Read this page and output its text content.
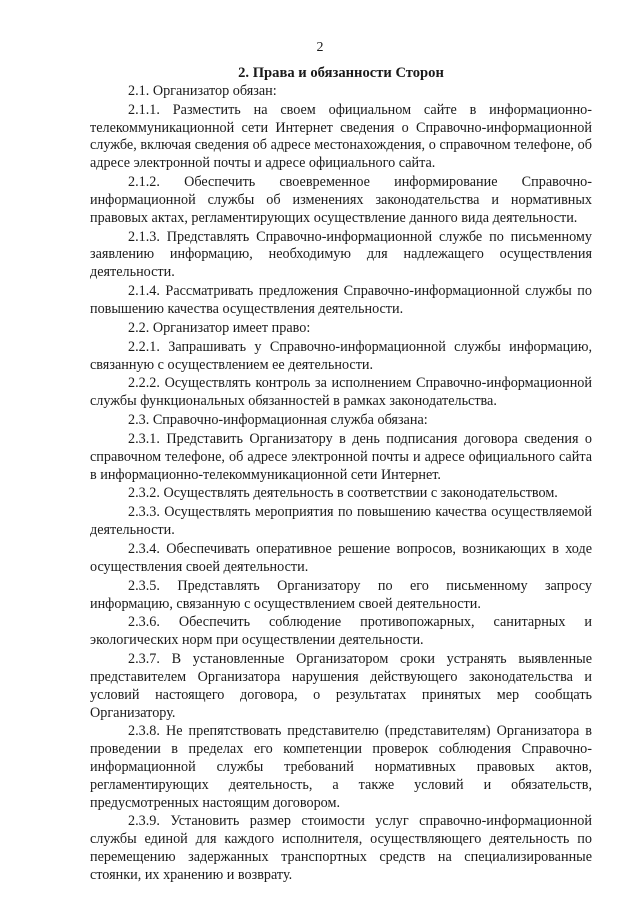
2

2. Права и обязанности Сторон

2.1. Организатор обязан:

2.1.1. Разместить на своем официальном сайте в информационно-телекоммуникационной сети Интернет сведения о Справочно-информационной службе, включая сведения об адресе местонахождения, о справочном телефоне, об адресе электронной почты и адресе официального сайта.

2.1.2. Обеспечить своевременное информирование Справочно-информационной службы об изменениях законодательства и нормативных правовых актах, регламентирующих осуществление данного вида деятельности.

2.1.3. Представлять Справочно-информационной службе по письменному заявлению информацию, необходимую для надлежащего осуществления деятельности.

2.1.4. Рассматривать предложения Справочно-информационной службы по повышению качества осуществления деятельности.

2.2. Организатор имеет право:

2.2.1. Запрашивать у Справочно-информационной службы информацию, связанную с осуществлением ее деятельности.

2.2.2. Осуществлять контроль за исполнением Справочно-информационной службы функциональных обязанностей в рамках законодательства.

2.3. Справочно-информационная служба обязана:

2.3.1. Представить Организатору в день подписания договора сведения о справочном телефоне, об адресе электронной почты и адресе официального сайта в информационно-телекоммуникационной сети Интернет.

2.3.2. Осуществлять деятельность в соответствии с законодательством.

2.3.3. Осуществлять мероприятия по повышению качества осуществляемой деятельности.

2.3.4. Обеспечивать оперативное решение вопросов, возникающих в ходе осуществления своей деятельности.

2.3.5. Представлять Организатору по его письменному запросу информацию, связанную с осуществлением своей деятельности.

2.3.6. Обеспечить соблюдение противопожарных, санитарных и экологических норм при осуществлении деятельности.

2.3.7. В установленные Организатором сроки устранять выявленные представителем Организатора нарушения действующего законодательства и условий настоящего договора, о результатах принятых мер сообщать Организатору.

2.3.8. Не препятствовать представителю (представителям) Организатора в проведении в пределах его компетенции проверок соблюдения Справочно-информационной службы требований нормативных правовых актов, регламентирующих деятельность, а также условий и обязательств, предусмотренных настоящим договором.

2.3.9. Установить размер стоимости услуг справочно-информационной службы единой для каждого исполнителя, осуществляющего деятельность по перемещению задержанных транспортных средств на специализированные стоянки, их хранению и возврату.
